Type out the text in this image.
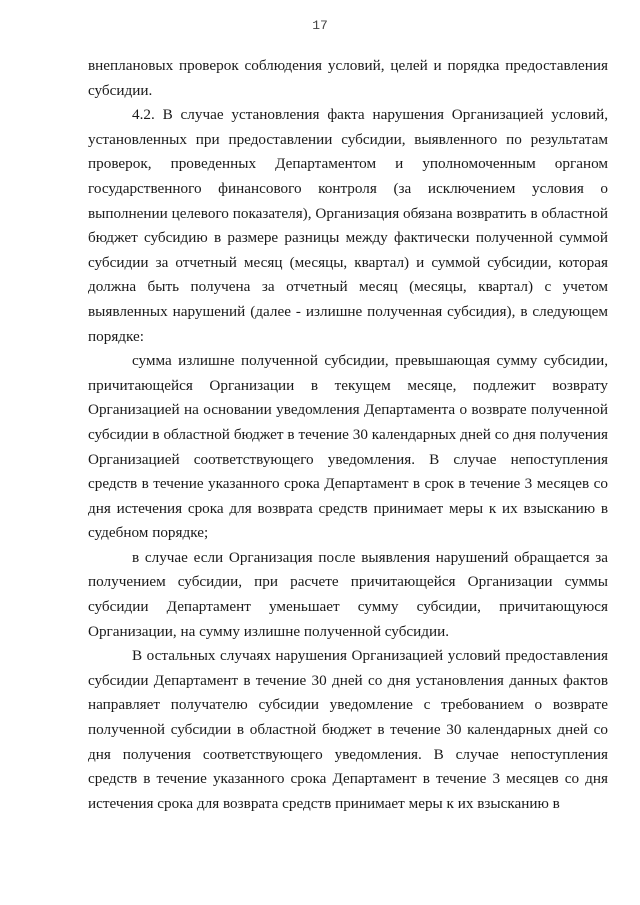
17

внеплановых проверок соблюдения условий, целей и порядка предоставления субсидии.

4.2. В случае установления факта нарушения Организацией условий, установленных при предоставлении субсидии, выявленного по результатам проверок, проведенных Департаментом и уполномоченным органом государственного финансового контроля (за исключением условия о выполнении целевого показателя), Организация обязана возвратить в областной бюджет субсидию в размере разницы между фактически полученной суммой субсидии за отчетный месяц (месяцы, квартал) и суммой субсидии, которая должна быть получена за отчетный месяц (месяцы, квартал) с учетом выявленных нарушений (далее - излишне полученная субсидия), в следующем порядке:

сумма излишне полученной субсидии, превышающая сумму субсидии, причитающейся Организации в текущем месяце, подлежит возврату Организацией на основании уведомления Департамента о возврате полученной субсидии в областной бюджет в течение 30 календарных дней со дня получения Организацией соответствующего уведомления. В случае непоступления средств в течение указанного срока Департамент в срок в течение 3 месяцев со дня истечения срока для возврата средств принимает меры к их взысканию в судебном порядке;

в случае если Организация после выявления нарушений обращается за получением субсидии, при расчете причитающейся Организации суммы субсидии Департамент уменьшает сумму субсидии, причитающуюся Организации, на сумму излишне полученной субсидии.

В остальных случаях нарушения Организацией условий предоставления субсидии Департамент в течение 30 дней со дня установления данных фактов направляет получателю субсидии уведомление с требованием о возврате полученной субсидии в областной бюджет в течение 30 календарных дней со дня получения соответствующего уведомления. В случае непоступления средств в течение указанного срока Департамент в течение 3 месяцев со дня истечения срока для возврата средств принимает меры к их взысканию в
